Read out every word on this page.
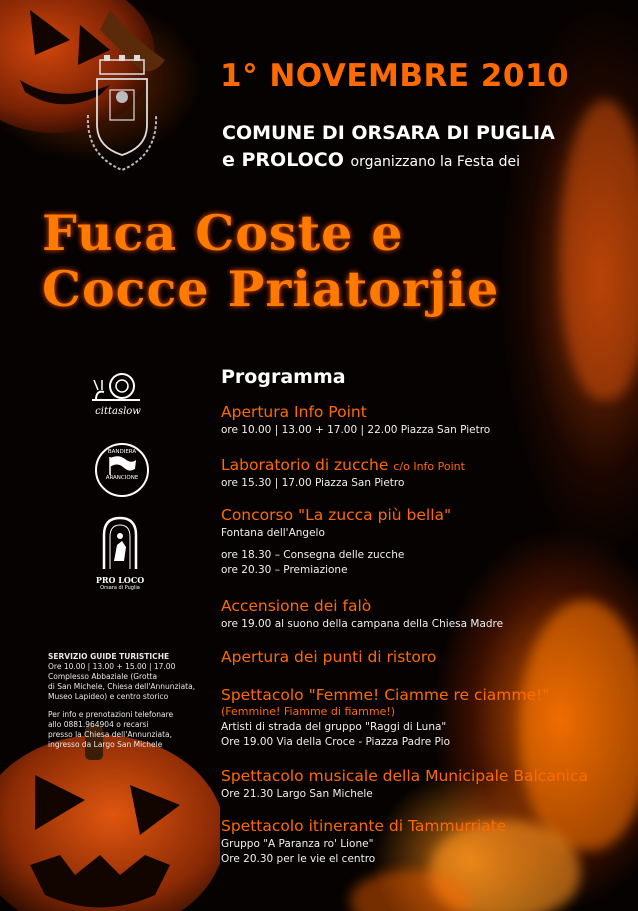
cittaslow
BANDIERA
ARANCIONE
PRO LOCO
Orsara di Puglia
1° NOVEMBRE 2010
COMUNE DI ORSARA DI PUGLIA
e PROLOCO organizzano la Festa dei
Fuca Coste e
Cocce Priatorjie
Programma

Apertura Info Point

ore 10.00 | 13.00 + 17.00 | 22.00 Piazza San Pietro

Laboratorio di zucche c/o Info Point

ore 15.30 | 17.00 Piazza San Pietro

Concorso "La zucca più bella"

Fontana dell'Angelo

ore 18.30 – Consegna delle zucche

ore 20.30 – Premiazione

Accensione dei falò

ore 19.00 al suono della campana della Chiesa Madre

Apertura dei punti di ristoro

Spettacolo "Femme! Ciamme re ciamme!"

(Femmine! Fiamme di fiamme!)

Artisti di strada del gruppo "Raggi di Luna"

Ore 19.00 Via della Croce - Piazza Padre Pio

Spettacolo musicale della Municipale Balcanica

Ore 21.30 Largo San Michele

Spettacolo itinerante di Tammurriate

Gruppo "A Paranza ro' Lione"

Ore 20.30 per le vie el centro

SERVIZIO GUIDE TURISTICHE

Ore 10.00 | 13.00 + 15.00 | 17.00

Complesso Abbaziale (Grotta

di San Michele, Chiesa dell'Annunziata,

Museo Lapideo) e centro storico

Per info e prenotazioni telefonare

allo 0881.964904 o recarsi

presso la Chiesa dell'Annunziata,

ingresso da Largo San Michele
